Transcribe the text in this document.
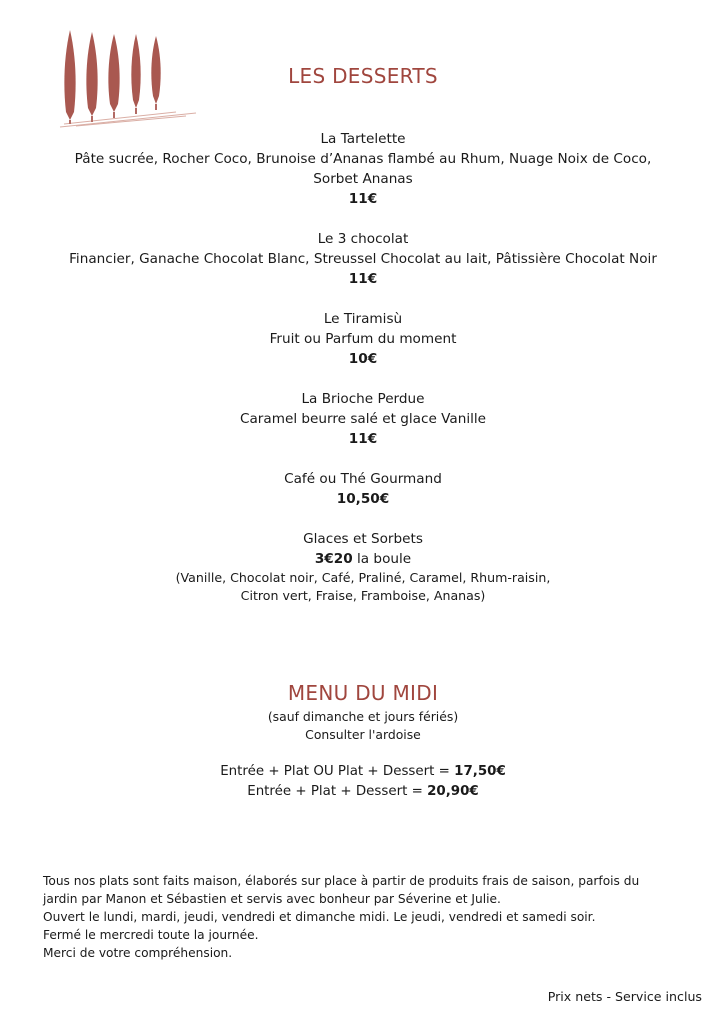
LES DESSERTS
La Tartelette
Pâte sucrée, Rocher Coco, Brunoise d’Ananas flambé au Rhum, Nuage Noix de Coco,
Sorbet Ananas
11€
Le 3 chocolat
Financier, Ganache Chocolat Blanc, Streussel Chocolat au lait, Pâtissière Chocolat Noir
11€
Le Tiramisù
Fruit ou Parfum du moment
10€
La Brioche Perdue
Caramel beurre salé et glace Vanille
11€
Café ou Thé Gourmand
10,50€
Glaces et Sorbets
3€20 la boule
(Vanille, Chocolat noir, Café, Praliné, Caramel, Rhum-raisin,
Citron vert, Fraise, Framboise, Ananas)
MENU DU MIDI
(sauf dimanche et jours fériés)
Consulter l'ardoise
Entrée + Plat OU Plat + Dessert = 17,50€
Entrée + Plat + Dessert = 20,90€
Tous nos plats sont faits maison, élaborés sur place à partir de produits frais de saison, parfois du
jardin par Manon et Sébastien et servis avec bonheur par Séverine et Julie.
Ouvert le lundi, mardi, jeudi, vendredi et dimanche midi. Le jeudi, vendredi et samedi soir.
Fermé le mercredi toute la journée.
Merci de votre compréhension.
Prix nets - Service inclus
